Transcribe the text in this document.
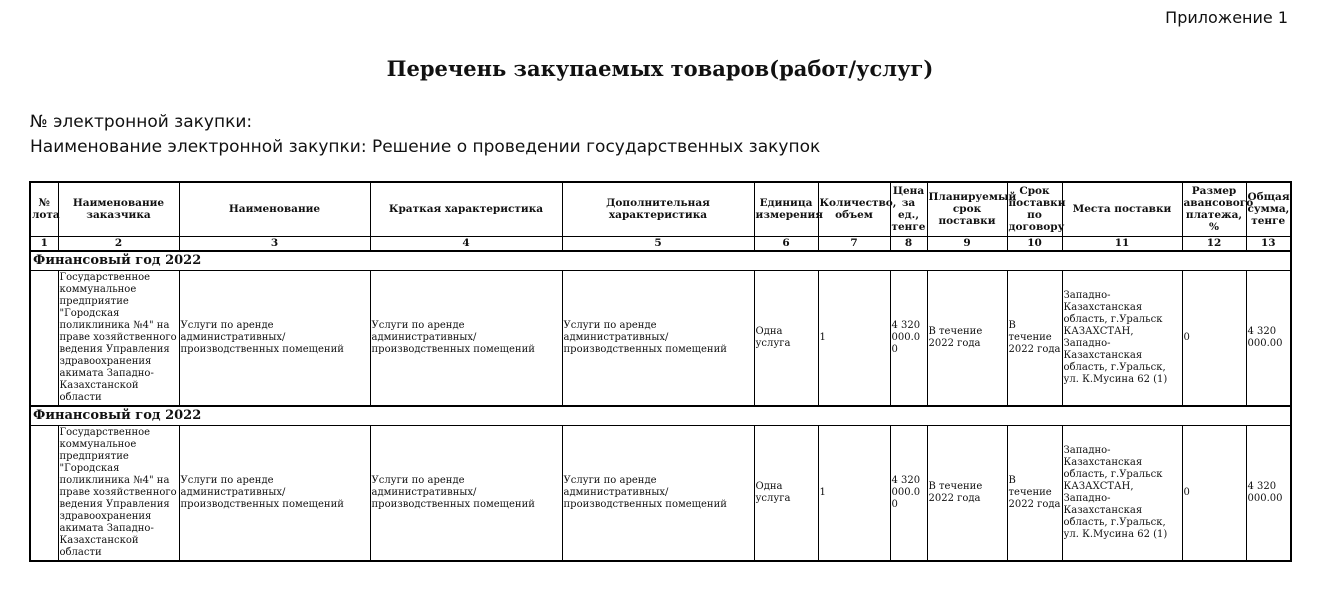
Приложение 1
Перечень закупаемых товаров(работ/услуг)
№ электронной закупки:
Наименование электронной закупки: Решение о проведении государственных закупок
№ лота	Наименование заказчика	Наименование	Краткая характеристика	Дополнительная характеристика	Единица измерения	Количество, объем	Цена за ед., тенге	Планируемый срок поставки	Срок поставки по договору	Места поставки	Размер авансового платежа, %	Общая сумма, тенге
1	2	3	4	5	6	7	8	9	10	11	12	13
Финансовый год 2022												
	Государственное коммунальное предприятие "Городская поликлиника №4" на праве хозяйственного ведения Управления здравоохранения акимата Западно-Казахстанской области	Услуги по аренде административных/производственных помещений	Услуги по аренде административных/производственных помещений	Услуги по аренде административных/производственных помещений	Одна услуга	1	4 320 000.00	В течение 2022 года	В течение 2022 года	Западно-Казахстанская область, г.Уральск КАЗАХСТАН, Западно-Казахстанская область, г.Уральск, ул. К.Мусина 62 (1)	0	4 320 000.00
Финансовый год 2022												
	Государственное коммунальное предприятие "Городская поликлиника №4" на праве хозяйственного ведения Управления здравоохранения акимата Западно-Казахстанской области	Услуги по аренде административных/производственных помещений	Услуги по аренде административных/производственных помещений	Услуги по аренде административных/производственных помещений	Одна услуга	1	4 320 000.00	В течение 2022 года	В течение 2022 года	Западно-Казахстанская область, г.Уральск КАЗАХСТАН, Западно-Казахстанская область, г.Уральск, ул. К.Мусина 62 (1)	0	4 320 000.00
